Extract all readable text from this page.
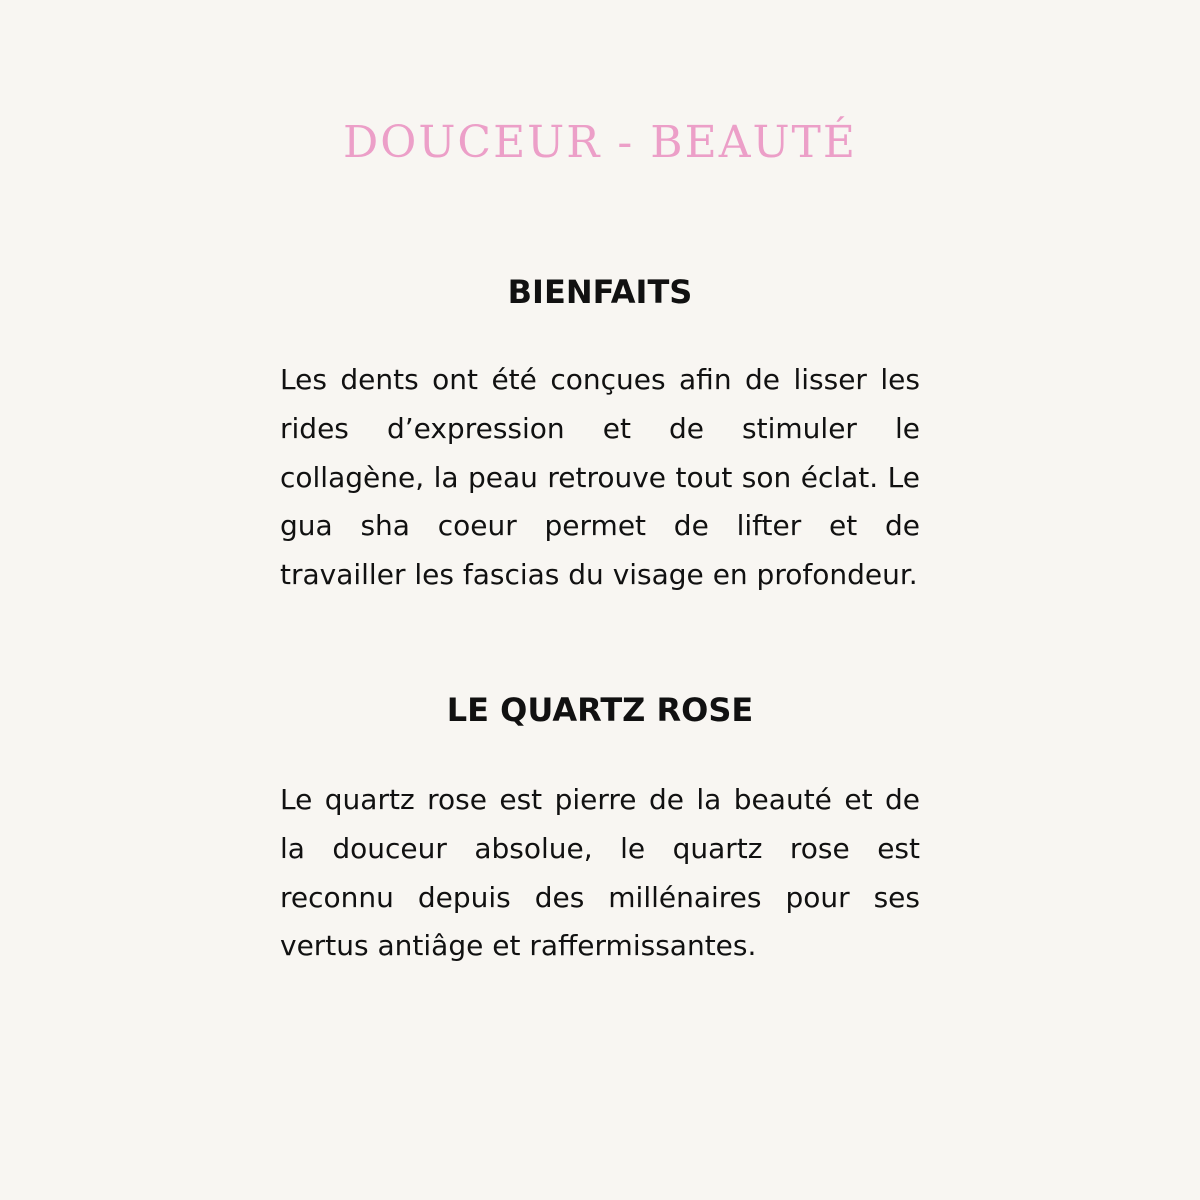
DOUCEUR - BEAUTÉ
BIENFAITS

Les dents ont été conçues afin de lisser les rides d’expression et de stimuler le collagène, la peau retrouve tout son éclat. Le gua sha coeur permet de lifter et de travailler les fascias du visage en profondeur.

LE QUARTZ ROSE

Le quartz rose est pierre de la beauté et de la douceur absolue, le quartz rose est reconnu depuis des millénaires pour ses vertus antiâge et raffermissantes.
